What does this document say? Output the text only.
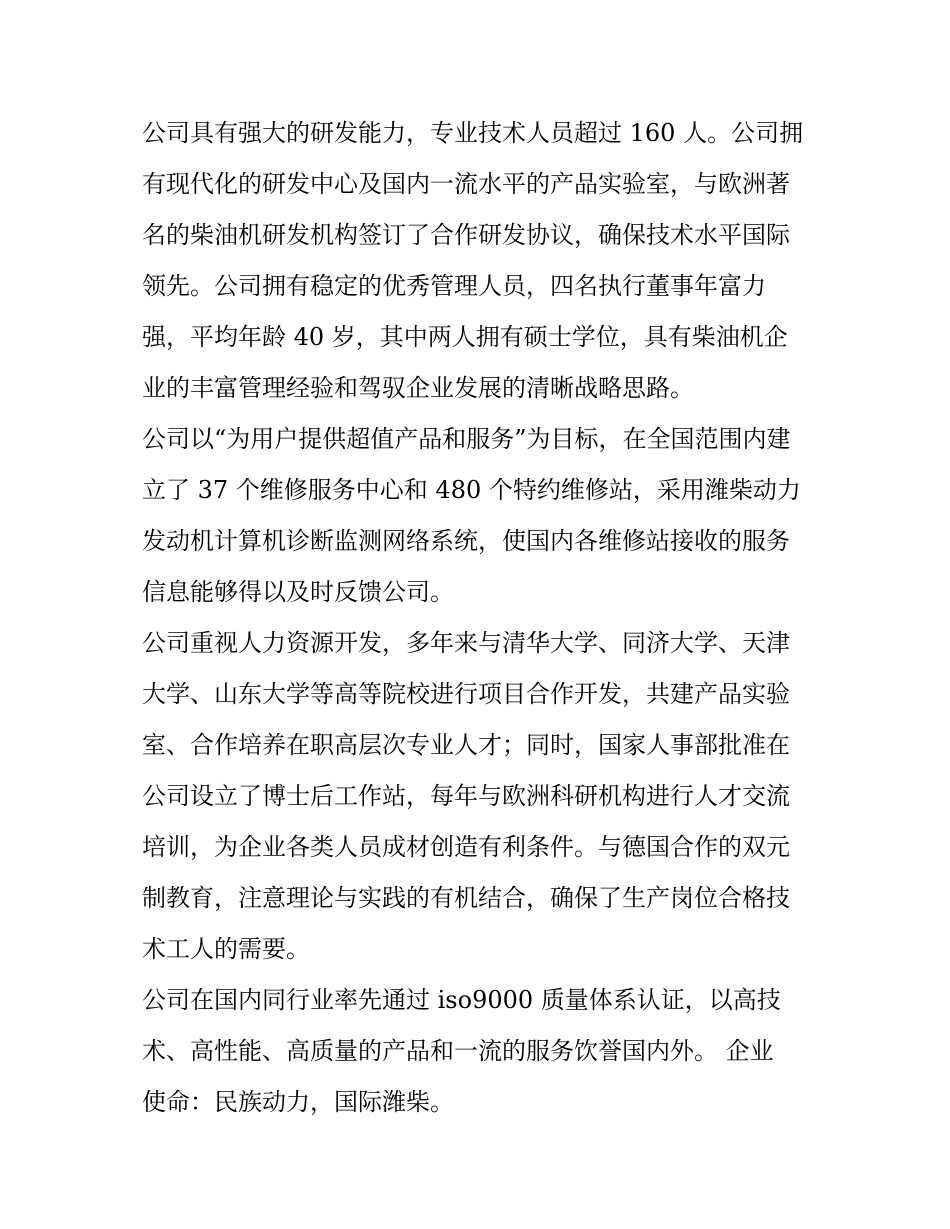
公司具有强大的研发能力，专业技术人员超过 160 人。公司拥
有现代化的研发中心及国内一流水平的产品实验室，与欧洲著
名的柴油机研发机构签订了合作研发协议，确保技术水平国际
领先。公司拥有稳定的优秀管理人员，四名执行董事年富力
强，平均年龄 40 岁，其中两人拥有硕士学位，具有柴油机企
业的丰富管理经验和驾驭企业发展的清晰战略思路。
公司以“为用户提供超值产品和服务”为目标，在全国范围内建
立了 37 个维修服务中心和 480 个特约维修站，采用潍柴动力
发动机计算机诊断监测网络系统，使国内各维修站接收的服务
信息能够得以及时反馈公司。
公司重视人力资源开发，多年来与清华大学、同济大学、天津
大学、山东大学等高等院校进行项目合作开发，共建产品实验
室、合作培养在职高层次专业人才；同时，国家人事部批准在
公司设立了博士后工作站，每年与欧洲科研机构进行人才交流
培训，为企业各类人员成材创造有利条件。与德国合作的双元
制教育，注意理论与实践的有机结合，确保了生产岗位合格技
术工人的需要。
公司在国内同行业率先通过 iso9000 质量体系认证，以高技
术、高性能、高质量的产品和一流的服务饮誉国内外。 企业
使命：民族动力，国际潍柴。
